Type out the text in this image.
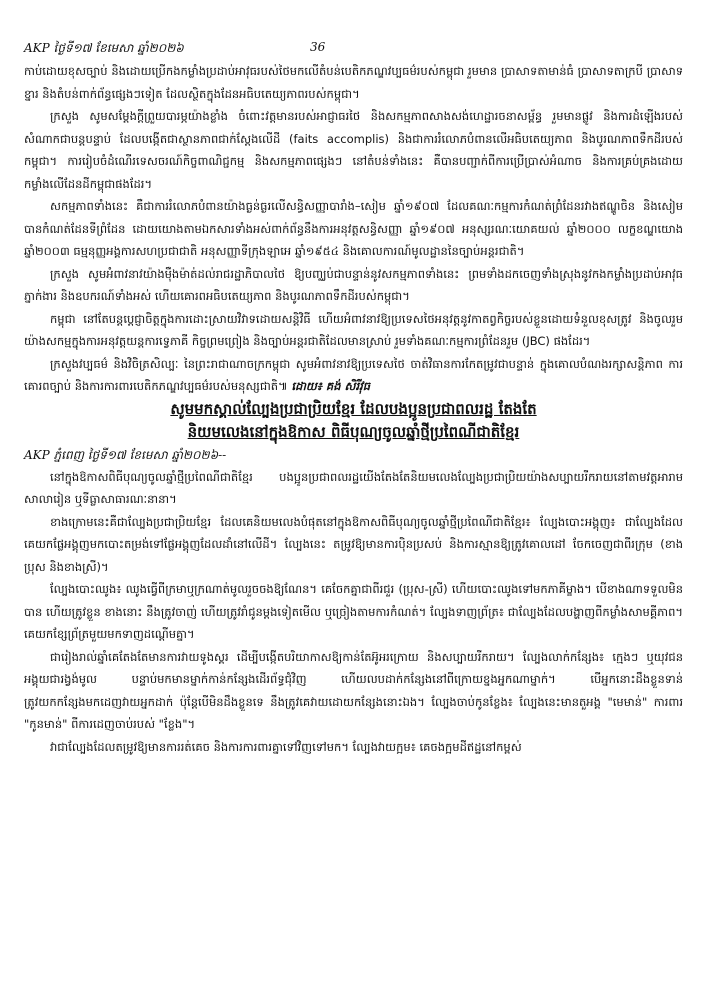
AKP ថ្ងៃទី១៧ ខែមេសា ឆ្នាំ២០២៦	36

កាប់ដោយខុសច្បាប់ និងដោយប្រើកងកម្លាំងប្រដាប់អាវុធរបស់ថៃមកលើតំបន់បេតិកភណ្ឌវប្បធម៌របស់កម្ពុជា រួមមាន ប្រាសាទតាមាន់ធំ ប្រាសាទតាក្របី ប្រាសាទខ្នារ និងតំបន់ពាក់ព័ន្ធផ្សេងៗទៀត ដែលស្ថិតក្នុងដែនអធិបតេយ្យភាពរបស់កម្ពុជា។

ក្រសួង សូមសម្ដែងក្ដីព្រួយបារម្ភយ៉ាងខ្លាំង ចំពោះវត្តមានរបស់អាជ្ញាធរថៃ និងសកម្មភាពសាងសង់ហេដ្ឋារចនាសម្ព័ន្ធ រួមមានផ្លូវ និងការដំឡើងរបស់សំណាកជាបន្តបន្ទាប់ ដែលបង្កើតជាស្ថានភាពជាក់ស្តែងលើដី (faits accomplis) និងជាការរំលោភបំពានលើអធិបតេយ្យភាព និងបូរណភាពទឹកដីរបស់កម្ពុជា។ ការរៀបចំដំណើរទេសចរណ៍កិច្ចពាណិជ្ជកម្ម និងសកម្មភាពផ្សេងៗ នៅតំបន់ទាំងនេះ គឺបានបញ្ជាក់ពីការប្រើប្រាស់អំណាច និងការគ្រប់គ្រងដោយកម្លាំងលើដែនដីកម្ពុជាផងដែរ។

សកម្មភាពទាំងនេះ គឺជាការរំលោភបំពានយ៉ាងធ្ងន់ធ្ងរលើសន្ធិសញ្ញាបារាំង–សៀម ឆ្នាំ១៩០៧ ដែលគណៈកម្មការកំណត់ព្រំដែនរវាងឥណ្ឌូចិន និងសៀមបានកំណត់ដែនទីព្រំដែន ដោយយោងតាមឯកសារទាំងអស់ពាក់ព័ន្ធនឹងការអនុវត្តសន្ធិសញ្ញា ឆ្នាំ១៩០៧ អនុស្សរណៈយោគយល់ ឆ្នាំ២០០០ លក្ខខណ្ឌយោង ឆ្នាំ២០០៣ ធម្មនុញ្ញអង្គការសហប្រជាជាតិ អនុសញ្ញាទីក្រុងឡាអេ ឆ្នាំ១៩៥៤ និងគោលការណ៍មូលដ្ឋាននៃច្បាប់អន្តរជាតិ។

ក្រសួង សូមអំពាវនាវយ៉ាងម៉ឺងម៉ាត់ដល់រាជរដ្ឋាភិបាលថៃ ឱ្យបញ្ឈប់ជាបន្ទាន់នូវសកម្មភាពទាំងនេះ ព្រមទាំងដកចេញទាំងស្រុងនូវកងកម្លាំងប្រដាប់អាវុធ ភ្នាក់ងារ និងឧបករណ៍ទាំងអស់ ហើយគោរពអធិបតេយ្យភាព និងបូរណភាពទឹកដីរបស់កម្ពុជា។

កម្ពុជា នៅតែបន្តប្ដេជ្ញាចិត្តក្នុងការដោះស្រាយវិវាទដោយសន្តិវិធី ហើយអំពាវនាវឱ្យប្រទេសថៃអនុវត្តនូវកាតព្វកិច្ចរបស់ខ្លួនដោយទំនួលខុសត្រូវ និងចូលរួមយ៉ាងសកម្មក្នុងការអនុវត្តយន្តការទ្វេភាគី កិច្ចព្រមព្រៀង និងច្បាប់អន្តរជាតិដែលមានស្រាប់ រួមទាំងគណៈកម្មការព្រំដែនរួម (JBC) ផងដែរ។

ក្រសួងវប្បធម៌ និងវិចិត្រសិល្បៈ នៃព្រះរាជាណាចក្រកម្ពុជា សូមអំពាវនាវឱ្យប្រទេសថៃ ចាត់វិធានការកែតម្រូវជាបន្ទាន់ ក្នុងគោលបំណងរក្សាសន្តិភាព ការគោរពច្បាប់ និងការការពារបេតិកភណ្ឌវប្បធម៌របស់មនុស្សជាតិ៕ ដោយ៖ គង់ សិរីវុធ

សូមមកស្គាល់ល្បែងប្រជាប្រិយខ្មែរ ដែលបងប្អូនប្រជាពលរដ្ឋ តែងតែ
និយមលេងនៅក្នុងឱកាស ពិធីបុណ្យចូលឆ្នាំថ្មីប្រពៃណីជាតិខ្មែរ

AKP ភ្នំពេញ ថ្ងៃទី១៧ ខែមេសា ឆ្នាំ២០២៦--

នៅក្នុងឱកាសពិធីបុណ្យចូលឆ្នាំថ្មីប្រពៃណីជាតិខ្មែរ បងប្អូនប្រជាពលរដ្ឋយើងតែងតែនិយមលេងល្បែងប្រជាប្រិយយ៉ាងសប្បាយរីករាយនៅតាមវត្តអារាម សាលារៀន ឬទីធ្លាសាធារណៈនានា។

ខាងក្រោមនេះគឺជាល្បែងប្រជាប្រិយខ្មែរ ដែលគេនិយមលេងបំផុតនៅក្នុងឱកាសពិធីបុណ្យចូលឆ្នាំថ្មីប្រពៃណីជាតិខ្មែរ៖ ល្បែងបោះអង្គុញ៖ ជាល្បែងដែលគេយកផ្លែអង្គុញមកបោះតម្រង់ទៅផ្លែអង្គុញដែលដាំនៅលើដី។ ល្បែងនេះ តម្រូវឱ្យមានការប៉ិនប្រសប់ និងការស្មានឱ្យត្រូវគោលដៅ ចែកចេញជាពីរក្រុម (ខាងប្រុស និងខាងស្រី)។

ល្បែងបោះឈូង៖ ឈូងធ្វើពីក្រមាឬក្រណាត់មូលរួចចងឱ្យណែន។ គេចែកគ្នាជាពីរជួរ (ប្រុស-ស្រី) ហើយបោះឈូងទៅមកភាគីម្ខាង។ បើខាងណាទទួលមិនបាន ហើយត្រូវខ្លួន ខាងនោះ នឹងត្រូវចាញ់ ហើយត្រូវរាំជូនម្ដងទៀតមើល ឬច្រៀងតាមការកំណត់។ ល្បែងទាញព្រ័ត្រ៖ ជាល្បែងដែលបង្ហាញពីកម្លាំងសាមគ្គីភាព។ គេយកខ្សែព្រ័ត្រមួយមកទាញដណ្ដើមគ្នា។

ជារៀងរាល់ឆ្នាំគេតែងតែមានការវាយទូងស្គរ ដើម្បីបង្កើតបរិយាកាសឱ្យកាន់តែអ៊ូអរក្រោយ និងសប្បាយរីករាយ។ ល្បែងលាក់កន្សែង៖ ក្មេងៗ ឬយុវជនអង្គុយជារង្វង់មូល បន្ទាប់មកមានម្នាក់កាន់កន្សែងដើរព័ទ្ធជុំវិញ ហើយលបដាក់កន្សែងនៅពីក្រោយខ្នងអ្នកណាម្នាក់។ បើអ្នកនោះដឹងខ្លួនទាន់ ត្រូវយកកន្សែងមកដេញវាយអ្នកដាក់ ប៉ុន្តែបើមិនដឹងខ្លួនទេ នឹងត្រូវគេវាយដោយកន្សែងនោះឯង។ ល្បែងចាប់កូនខ្លែង៖ ល្បែងនេះមានតួអង្គ "មេមាន់" ការពារ "កូនមាន់" ពីការដេញចាប់របស់ "ខ្លែង"។

វាជាល្បែងដែលតម្រូវឱ្យមានការរត់គេច និងការការពារគ្នាទៅវិញទៅមក។ ល្បែងវាយក្អម៖ គេចងក្អមដីឥដ្ឋនៅកម្ពស់
